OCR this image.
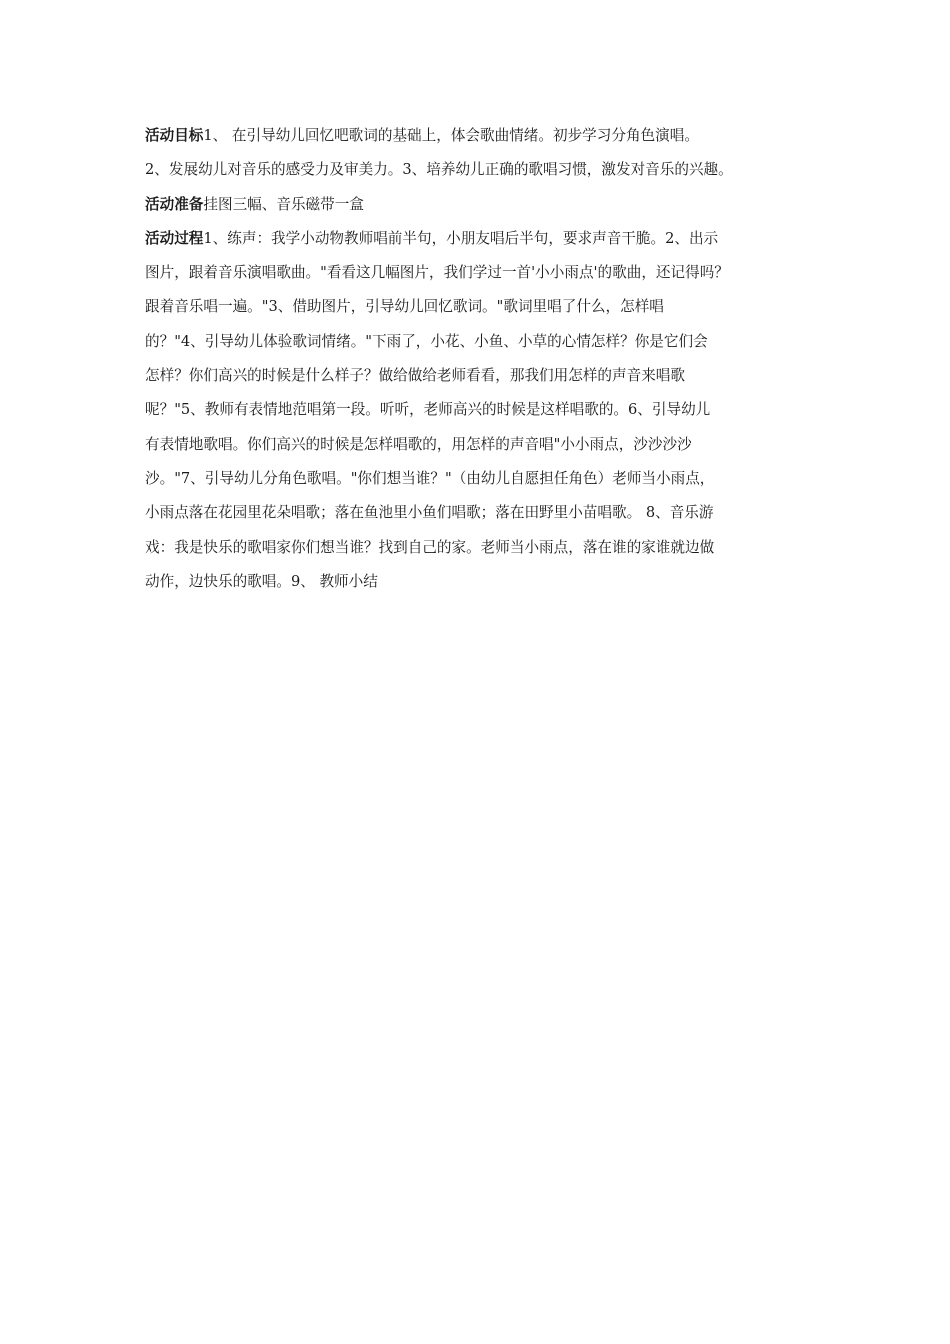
活动目标1、 在引导幼儿回忆吧歌词的基础上，体会歌曲情绪。初步学习分角色演唱。
2、发展幼儿对音乐的感受力及审美力。3、培养幼儿正确的歌唱习惯，激发对音乐的兴趣。
活动准备挂图三幅、音乐磁带一盒
活动过程1、练声：我学小动物教师唱前半句，小朋友唱后半句，要求声音干脆。2、出示
图片，跟着音乐演唱歌曲。"看看这几幅图片，我们学过一首'小小雨点'的歌曲，还记得吗？
跟着音乐唱一遍。"3、借助图片，引导幼儿回忆歌词。"歌词里唱了什么，怎样唱
的？"4、引导幼儿体验歌词情绪。"下雨了，小花、小鱼、小草的心情怎样？你是它们会
怎样？你们高兴的时候是什么样子？做给做给老师看看，那我们用怎样的声音来唱歌
呢？"5、教师有表情地范唱第一段。听听，老师高兴的时候是这样唱歌的。6、引导幼儿
有表情地歌唱。你们高兴的时候是怎样唱歌的，用怎样的声音唱"小小雨点，沙沙沙沙
沙。"7、引导幼儿分角色歌唱。"你们想当谁？"（由幼儿自愿担任角色）老师当小雨点，
小雨点落在花园里花朵唱歌；落在鱼池里小鱼们唱歌；落在田野里小苗唱歌。 8、音乐游
戏：我是快乐的歌唱家你们想当谁？找到自己的家。老师当小雨点，落在谁的家谁就边做
动作，边快乐的歌唱。9、 教师小结
